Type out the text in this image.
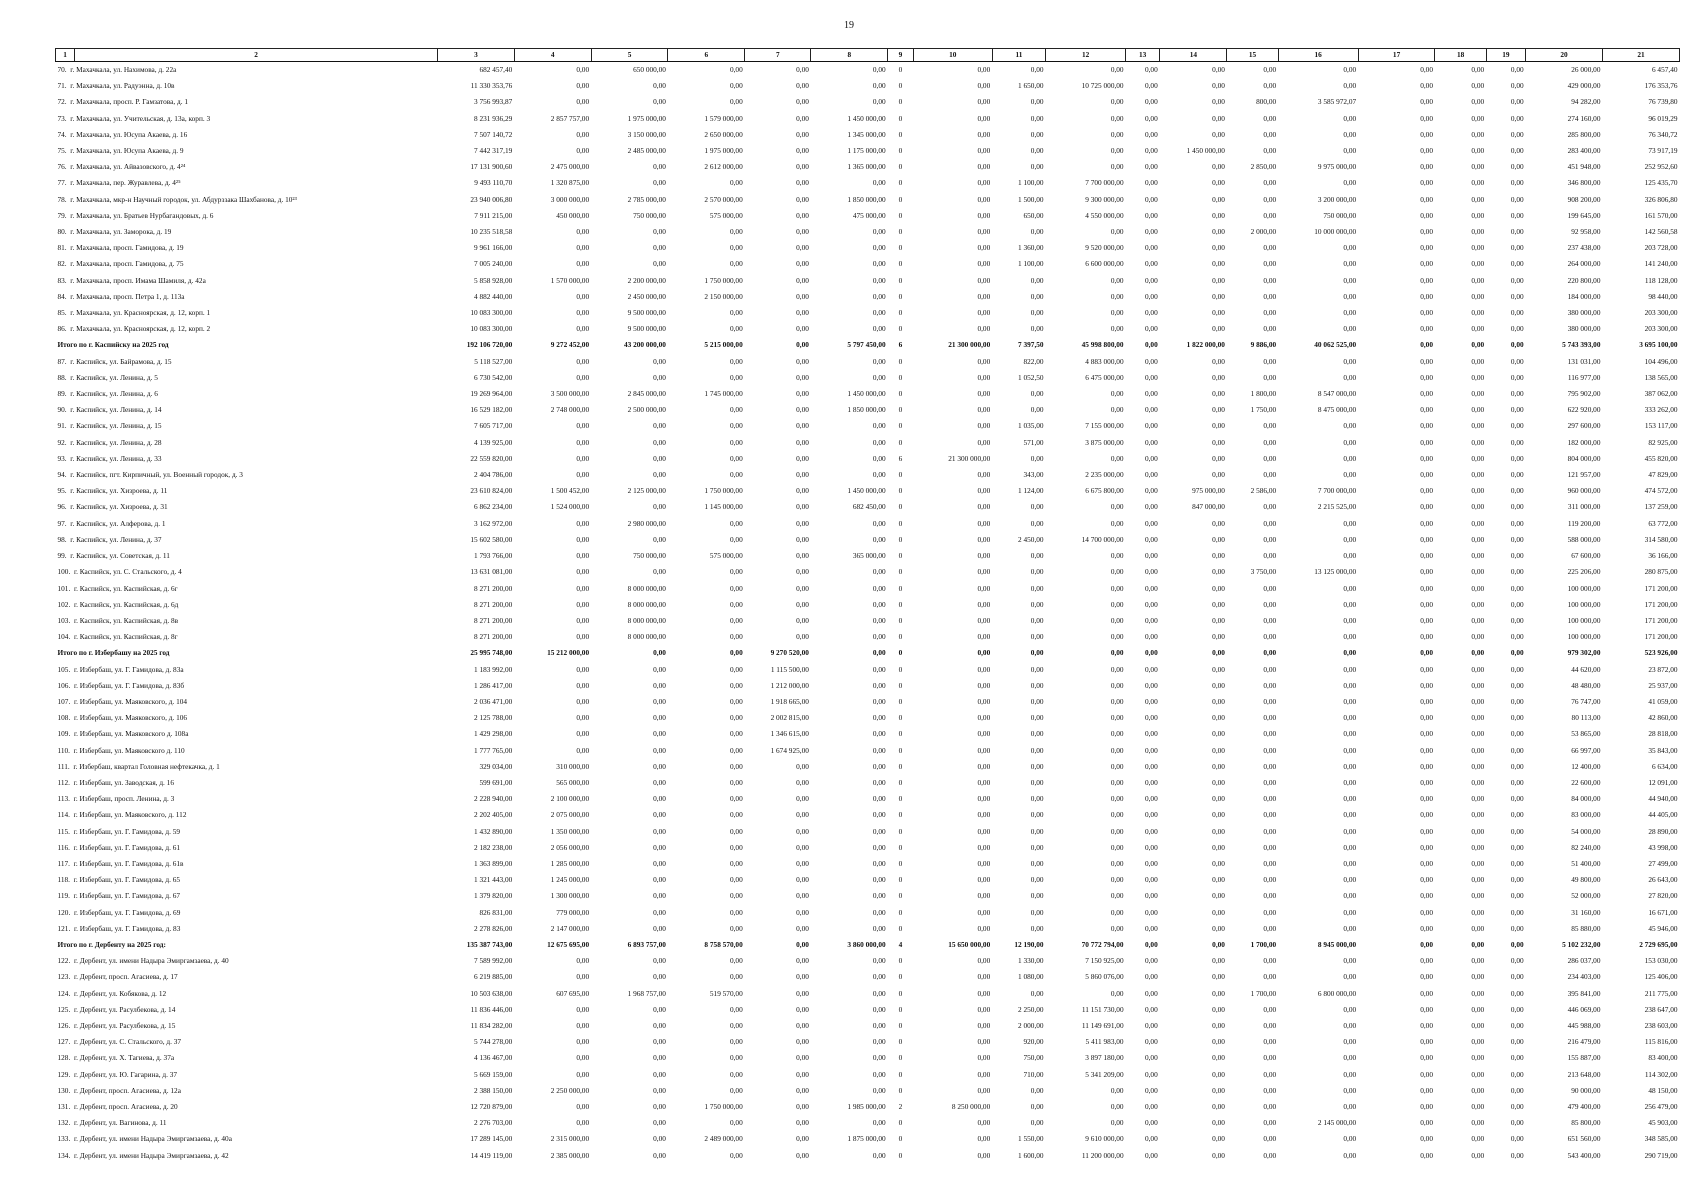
19
1	2	3	4	5	6	7	8	9	10	11	12	13	14	15	16	17	18	19	20	21
70. г. Махачкала, ул. Нахимова, д. 22а		682 457,40	0,00	650 000,00	0,00	0,00	0,00	0	0,00	0,00	0,00	0,00	0,00	0,00	0,00	0,00	0,00	0,00	26 000,00	6 457,40
71. г. Махачкала, ул. Радуэнна, д. 10в		11 330 353,76	0,00	0,00	0,00	0,00	0,00	0	0,00	1 650,00	10 725 000,00	0,00	0,00	0,00	0,00	0,00	0,00	0,00	429 000,00	176 353,76
72. г. Махачкала, просп. Р. Гамзатова, д. 1		3 756 993,87	0,00	0,00	0,00	0,00	0,00	0	0,00	0,00	0,00	0,00	0,00	800,00	3 585 972,07	0,00	0,00	0,00	94 282,00	76 739,80
73. г. Махачкала, ул. Учительская, д. 13а, корп. 3		8 231 936,29	2 857 757,00	1 975 000,00	1 579 000,00	0,00	1 450 000,00	0	0,00	0,00	0,00	0,00	0,00	0,00	0,00	0,00	0,00	0,00	274 160,00	96 019,29
74. г. Махачкала, ул. Юсупа Акаева, д. 16		7 507 140,72	0,00	3 150 000,00	2 650 000,00	0,00	1 345 000,00	0	0,00	0,00	0,00	0,00	0,00	0,00	0,00	0,00	0,00	0,00	285 800,00	76 340,72
75. г. Махачкала, ул. Юсупа Акаева, д. 9		7 442 317,19	0,00	2 485 000,00	1 975 000,00	0,00	1 175 000,00	0	0,00	0,00	0,00	0,00	1 450 000,00	0,00	0,00	0,00	0,00	0,00	283 400,00	73 917,19
76. г. Махачкала, ул. Айвазовского, д. 4²⁴		17 131 900,60	2 475 000,00	0,00	2 612 000,00	0,00	1 365 000,00	0	0,00	0,00	0,00	0,00	0,00	2 850,00	9 975 000,00	0,00	0,00	0,00	451 948,00	252 952,60
77. г. Махачкала, пер. Журавлева, д. 4²⁵		9 493 110,70	1 320 875,00	0,00	0,00	0,00	0,00	0	0,00	1 100,00	7 700 000,00	0,00	0,00	0,00	0,00	0,00	0,00	0,00	346 800,00	125 435,70
78. г. Махачкала, мкр-н Научный городок, ул. Абдурззака Шахбанова, д. 10²³		23 940 006,80	3 000 000,00	2 785 000,00	2 570 000,00	0,00	1 850 000,00	0	0,00	1 500,00	9 300 000,00	0,00	0,00	0,00	3 200 000,00	0,00	0,00	0,00	908 200,00	326 806,80
79. г. Махачкала, ул. Братьев Нурбагандовых, д. 6		7 911 215,00	450 000,00	750 000,00	575 000,00	0,00	475 000,00	0	0,00	650,00	4 550 000,00	0,00	0,00	0,00	750 000,00	0,00	0,00	0,00	199 645,00	161 570,00
80. г. Махачкала, ул. Заморока, д. 19		10 235 518,58	0,00	0,00	0,00	0,00	0,00	0	0,00	0,00	0,00	0,00	0,00	2 000,00	10 000 000,00	0,00	0,00	0,00	92 958,00	142 560,58
81. г. Махачкала, просп. Гамидова, д. 19		9 961 166,00	0,00	0,00	0,00	0,00	0,00	0	0,00	1 360,00	9 520 000,00	0,00	0,00	0,00	0,00	0,00	0,00	0,00	237 438,00	203 728,00
82. г. Махачкала, просп. Гамидова, д. 75		7 005 240,00	0,00	0,00	0,00	0,00	0,00	0	0,00	1 100,00	6 600 000,00	0,00	0,00	0,00	0,00	0,00	0,00	0,00	264 000,00	141 240,00
83. г. Махачкала, просп. Имама Шамиля, д. 42а		5 858 928,00	1 570 000,00	2 200 000,00	1 750 000,00	0,00	0,00	0	0,00	0,00	0,00	0,00	0,00	0,00	0,00	0,00	0,00	0,00	220 800,00	118 128,00
84. г. Махачкала, просп. Петра 1, д. 113а		4 882 440,00	0,00	2 450 000,00	2 150 000,00	0,00	0,00	0	0,00	0,00	0,00	0,00	0,00	0,00	0,00	0,00	0,00	0,00	184 000,00	98 440,00
85. г. Махачкала, ул. Красноярская, д. 12, корп. 1		10 083 300,00	0,00	9 500 000,00	0,00	0,00	0,00	0	0,00	0,00	0,00	0,00	0,00	0,00	0,00	0,00	0,00	0,00	380 000,00	203 300,00
86. г. Махачкала, ул. Красноярская, д. 12, корп. 2		10 083 300,00	0,00	9 500 000,00	0,00	0,00	0,00	0	0,00	0,00	0,00	0,00	0,00	0,00	0,00	0,00	0,00	0,00	380 000,00	203 300,00
Итого по г. Каспийску на 2025 год		192 106 720,00	9 272 452,00	43 200 000,00	5 215 000,00	0,00	5 797 450,00	6	21 300 000,00	7 397,50	45 998 800,00	0,00	1 822 000,00	9 886,00	40 062 525,00	0,00	0,00	0,00	5 743 393,00	3 695 100,00
87. г. Каспийск, ул. Байрамова, д. 15		5 118 527,00	0,00	0,00	0,00	0,00	0,00	0	0,00	822,00	4 883 000,00	0,00	0,00	0,00	0,00	0,00	0,00	0,00	131 031,00	104 496,00
88. г. Каспийск, ул. Ленина, д. 5		6 730 542,00	0,00	0,00	0,00	0,00	0,00	0	0,00	1 052,50	6 475 000,00	0,00	0,00	0,00	0,00	0,00	0,00	0,00	116 977,00	138 565,00
89. г. Каспийск, ул. Ленина, д. 6		19 269 964,00	3 500 000,00	2 845 000,00	1 745 000,00	0,00	1 450 000,00	0	0,00	0,00	0,00	0,00	0,00	1 800,00	8 547 000,00	0,00	0,00	0,00	795 902,00	387 062,00
90. г. Каспийск, ул. Ленина, д. 14		16 529 182,00	2 748 000,00	2 500 000,00	0,00	0,00	1 850 000,00	0	0,00	0,00	0,00	0,00	0,00	1 750,00	8 475 000,00	0,00	0,00	0,00	622 920,00	333 262,00
91. г. Каспийск, ул. Ленина, д. 15		7 605 717,00	0,00	0,00	0,00	0,00	0,00	0	0,00	1 035,00	7 155 000,00	0,00	0,00	0,00	0,00	0,00	0,00	0,00	297 600,00	153 117,00
92. г. Каспийск, ул. Ленина, д. 28		4 139 925,00	0,00	0,00	0,00	0,00	0,00	0	0,00	571,00	3 875 000,00	0,00	0,00	0,00	0,00	0,00	0,00	0,00	182 000,00	82 925,00
93. г. Каспийск, ул. Ленина, д. 33		22 559 820,00	0,00	0,00	0,00	0,00	0,00	6	21 300 000,00	0,00	0,00	0,00	0,00	0,00	0,00	0,00	0,00	0,00	804 000,00	455 820,00
94. г. Каспийск, пгт. Кирпичный, ул. Военный городок, д. 3		2 404 786,00	0,00	0,00	0,00	0,00	0,00	0	0,00	343,00	2 235 000,00	0,00	0,00	0,00	0,00	0,00	0,00	0,00	121 957,00	47 829,00
95. г. Каспийск, ул. Хизроева, д. 11		23 610 824,00	1 500 452,00	2 125 000,00	1 750 000,00	0,00	1 450 000,00	0	0,00	1 124,00	6 675 800,00	0,00	975 000,00	2 586,00	7 700 000,00	0,00	0,00	0,00	960 000,00	474 572,00
96. г. Каспийск, ул. Хизроева, д. 31		6 862 234,00	1 524 000,00	0,00	1 145 000,00	0,00	682 450,00	0	0,00	0,00	0,00	0,00	847 000,00	0,00	2 215 525,00	0,00	0,00	0,00	311 000,00	137 259,00
97. г. Каспийск, ул. Алферова, д. 1		3 162 972,00	0,00	2 980 000,00	0,00	0,00	0,00	0	0,00	0,00	0,00	0,00	0,00	0,00	0,00	0,00	0,00	0,00	119 200,00	63 772,00
98. г. Каспийск, ул. Ленина, д. 37		15 602 580,00	0,00	0,00	0,00	0,00	0,00	0	0,00	2 450,00	14 700 000,00	0,00	0,00	0,00	0,00	0,00	0,00	0,00	588 000,00	314 580,00
99. г. Каспийск, ул. Советская, д. 11		1 793 766,00	0,00	750 000,00	575 000,00	0,00	365 000,00	0	0,00	0,00	0,00	0,00	0,00	0,00	0,00	0,00	0,00	0,00	67 600,00	36 166,00
100. г. Каспийск, ул. С. Стальского, д. 4		13 631 081,00	0,00	0,00	0,00	0,00	0,00	0	0,00	0,00	0,00	0,00	0,00	3 750,00	13 125 000,00	0,00	0,00	0,00	225 206,00	280 875,00
101. г. Каспийск, ул. Каспийская, д. 6г		8 271 200,00	0,00	8 000 000,00	0,00	0,00	0,00	0	0,00	0,00	0,00	0,00	0,00	0,00	0,00	0,00	0,00	0,00	100 000,00	171 200,00
102. г. Каспийск, ул. Каспийская, д. 6д		8 271 200,00	0,00	8 000 000,00	0,00	0,00	0,00	0	0,00	0,00	0,00	0,00	0,00	0,00	0,00	0,00	0,00	0,00	100 000,00	171 200,00
103. г. Каспийск, ул. Каспийская, д. 8в		8 271 200,00	0,00	8 000 000,00	0,00	0,00	0,00	0	0,00	0,00	0,00	0,00	0,00	0,00	0,00	0,00	0,00	0,00	100 000,00	171 200,00
104. г. Каспийск, ул. Каспийская, д. 8г		8 271 200,00	0,00	8 000 000,00	0,00	0,00	0,00	0	0,00	0,00	0,00	0,00	0,00	0,00	0,00	0,00	0,00	0,00	100 000,00	171 200,00
Итого по г. Избербашу на 2025 год		25 995 748,00	15 212 000,00	0,00	0,00	9 270 520,00	0,00	0	0,00	0,00	0,00	0,00	0,00	0,00	0,00	0,00	0,00	0,00	979 302,00	523 926,00
105. г. Избербаш, ул. Г. Гамидова, д. 83а		1 183 992,00	0,00	0,00	0,00	1 115 500,00	0,00	0	0,00	0,00	0,00	0,00	0,00	0,00	0,00	0,00	0,00	0,00	44 620,00	23 872,00
106. г. Избербаш, ул. Г. Гамидова, д. 83б		1 286 417,00	0,00	0,00	0,00	1 212 000,00	0,00	0	0,00	0,00	0,00	0,00	0,00	0,00	0,00	0,00	0,00	0,00	48 480,00	25 937,00
107. г. Избербаш, ул. Маяковского, д. 104		2 036 471,00	0,00	0,00	0,00	1 918 665,00	0,00	0	0,00	0,00	0,00	0,00	0,00	0,00	0,00	0,00	0,00	0,00	76 747,00	41 059,00
108. г. Избербаш, ул. Маяковского, д. 106		2 125 788,00	0,00	0,00	0,00	2 002 815,00	0,00	0	0,00	0,00	0,00	0,00	0,00	0,00	0,00	0,00	0,00	0,00	80 113,00	42 860,00
109. г. Избербаш, ул. Маяковского д. 108а		1 429 298,00	0,00	0,00	0,00	1 346 615,00	0,00	0	0,00	0,00	0,00	0,00	0,00	0,00	0,00	0,00	0,00	0,00	53 865,00	28 818,00
110. г. Избербаш, ул. Маяковского д. 110		1 777 765,00	0,00	0,00	0,00	1 674 925,00	0,00	0	0,00	0,00	0,00	0,00	0,00	0,00	0,00	0,00	0,00	0,00	66 997,00	35 843,00
111. г. Избербаш, квартал Головная нефтекачка, д. 1		329 034,00	310 000,00	0,00	0,00	0,00	0,00	0	0,00	0,00	0,00	0,00	0,00	0,00	0,00	0,00	0,00	0,00	12 400,00	6 634,00
112. г. Избербаш, ул. Заводская, д. 16		599 691,00	565 000,00	0,00	0,00	0,00	0,00	0	0,00	0,00	0,00	0,00	0,00	0,00	0,00	0,00	0,00	0,00	22 600,00	12 091,00
113. г. Избербаш, просп. Ленина, д. 3		2 228 940,00	2 100 000,00	0,00	0,00	0,00	0,00	0	0,00	0,00	0,00	0,00	0,00	0,00	0,00	0,00	0,00	0,00	84 000,00	44 940,00
114. г. Избербаш, ул. Маяковского, д. 112		2 202 405,00	2 075 000,00	0,00	0,00	0,00	0,00	0	0,00	0,00	0,00	0,00	0,00	0,00	0,00	0,00	0,00	0,00	83 000,00	44 405,00
115. г. Избербаш, ул. Г. Гамидова, д. 59		1 432 890,00	1 350 000,00	0,00	0,00	0,00	0,00	0	0,00	0,00	0,00	0,00	0,00	0,00	0,00	0,00	0,00	0,00	54 000,00	28 890,00
116. г. Избербаш, ул. Г. Гамидова, д. 61		2 182 238,00	2 056 000,00	0,00	0,00	0,00	0,00	0	0,00	0,00	0,00	0,00	0,00	0,00	0,00	0,00	0,00	0,00	82 240,00	43 998,00
117. г. Избербаш, ул. Г. Гамидова, д. 61в		1 363 899,00	1 285 000,00	0,00	0,00	0,00	0,00	0	0,00	0,00	0,00	0,00	0,00	0,00	0,00	0,00	0,00	0,00	51 400,00	27 499,00
118. г. Избербаш, ул. Г. Гамидова, д. 65		1 321 443,00	1 245 000,00	0,00	0,00	0,00	0,00	0	0,00	0,00	0,00	0,00	0,00	0,00	0,00	0,00	0,00	0,00	49 800,00	26 643,00
119. г. Избербаш, ул. Г. Гамидова, д. 67		1 379 820,00	1 300 000,00	0,00	0,00	0,00	0,00	0	0,00	0,00	0,00	0,00	0,00	0,00	0,00	0,00	0,00	0,00	52 000,00	27 820,00
120. г. Избербаш, ул. Г. Гамидова, д. 69		826 831,00	779 000,00	0,00	0,00	0,00	0,00	0	0,00	0,00	0,00	0,00	0,00	0,00	0,00	0,00	0,00	0,00	31 160,00	16 671,00
121. г. Избербаш, ул. Г. Гамидова, д. 83		2 278 826,00	2 147 000,00	0,00	0,00	0,00	0,00	0	0,00	0,00	0,00	0,00	0,00	0,00	0,00	0,00	0,00	0,00	85 880,00	45 946,00
Итого по г. Дербенту на 2025 год:		135 387 743,00	12 675 695,00	6 893 757,00	8 758 570,00	0,00	3 860 000,00	4	15 650 000,00	12 190,00	70 772 794,00	0,00	0,00	1 700,00	8 945 000,00	0,00	0,00	0,00	5 102 232,00	2 729 695,00
122. г. Дербент, ул. имени Надыра Эмиргамзаева, д. 40		7 589 992,00	0,00	0,00	0,00	0,00	0,00	0	0,00	1 330,00	7 150 925,00	0,00	0,00	0,00	0,00	0,00	0,00	0,00	286 037,00	153 030,00
123. г. Дербент, просп. Агасиева, д. 17		6 219 885,00	0,00	0,00	0,00	0,00	0,00	0	0,00	1 080,00	5 860 076,00	0,00	0,00	0,00	0,00	0,00	0,00	0,00	234 403,00	125 406,00
124. г. Дербент, ул. Кобякова, д. 12		10 503 638,00	607 695,00	1 968 757,00	519 570,00	0,00	0,00	0	0,00	0,00	0,00	0,00	0,00	1 700,00	6 800 000,00	0,00	0,00	0,00	395 841,00	211 775,00
125. г. Дербент, ул. Расулбекова, д. 14		11 836 446,00	0,00	0,00	0,00	0,00	0,00	0	0,00	2 250,00	11 151 730,00	0,00	0,00	0,00	0,00	0,00	0,00	0,00	446 069,00	238 647,00
126. г. Дербент, ул. Расулбекова, д. 15		11 834 282,00	0,00	0,00	0,00	0,00	0,00	0	0,00	2 000,00	11 149 691,00	0,00	0,00	0,00	0,00	0,00	0,00	0,00	445 988,00	238 603,00
127. г. Дербент, ул. С. Стальского, д. 37		5 744 278,00	0,00	0,00	0,00	0,00	0,00	0	0,00	920,00	5 411 983,00	0,00	0,00	0,00	0,00	0,00	0,00	0,00	216 479,00	115 816,00
128. г. Дербент, ул. Х. Тагиева, д. 37а		4 136 467,00	0,00	0,00	0,00	0,00	0,00	0	0,00	750,00	3 897 180,00	0,00	0,00	0,00	0,00	0,00	0,00	0,00	155 887,00	83 400,00
129. г. Дербент, ул. Ю. Гагарина, д. 37		5 669 159,00	0,00	0,00	0,00	0,00	0,00	0	0,00	710,00	5 341 209,00	0,00	0,00	0,00	0,00	0,00	0,00	0,00	213 648,00	114 302,00
130. г. Дербент, просп. Агасиева, д. 12а		2 388 150,00	2 250 000,00	0,00	0,00	0,00	0,00	0	0,00	0,00	0,00	0,00	0,00	0,00	0,00	0,00	0,00	0,00	90 000,00	48 150,00
131. г. Дербент, просп. Агасиева, д. 20		12 720 879,00	0,00	0,00	1 750 000,00	0,00	1 985 000,00	2	8 250 000,00	0,00	0,00	0,00	0,00	0,00	0,00	0,00	0,00	0,00	479 400,00	256 479,00
132. г. Дербент, ул. Вагинова, д. 11		2 276 703,00	0,00	0,00	0,00	0,00	0,00	0	0,00	0,00	0,00	0,00	0,00	0,00	2 145 000,00	0,00	0,00	0,00	85 800,00	45 903,00
133. г. Дербент, ул. имени Надыра Эмиргамзаева, д. 40а		17 289 145,00	2 315 000,00	0,00	2 489 000,00	0,00	1 875 000,00	0	0,00	1 550,00	9 610 000,00	0,00	0,00	0,00	0,00	0,00	0,00	0,00	651 560,00	348 585,00
134. г. Дербент, ул. имени Надыра Эмиргамзаева, д. 42		14 419 119,00	2 385 000,00	0,00	0,00	0,00	0,00	0	0,00	1 600,00	11 200 000,00	0,00	0,00	0,00	0,00	0,00	0,00	0,00	543 400,00	290 719,00
